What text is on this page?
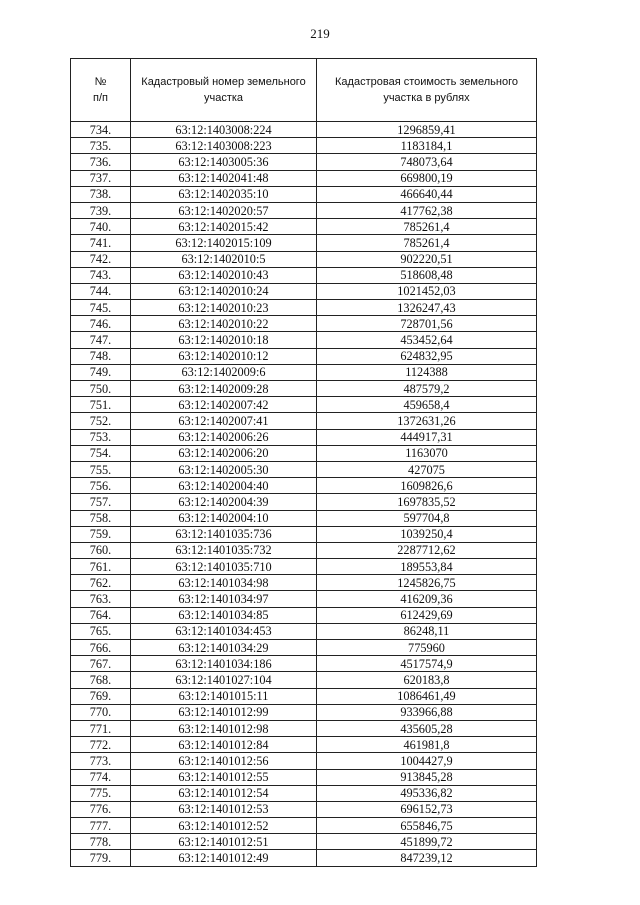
219
№
п/п	Кадастровый номер земельного участка	Кадастровая стоимость земельного участка в рублях
734.	63:12:1403008:224	1296859,41
735.	63:12:1403008:223	1183184,1
736.	63:12:1403005:36	748073,64
737.	63:12:1402041:48	669800,19
738.	63:12:1402035:10	466640,44
739.	63:12:1402020:57	417762,38
740.	63:12:1402015:42	785261,4
741.	63:12:1402015:109	785261,4
742.	63:12:1402010:5	902220,51
743.	63:12:1402010:43	518608,48
744.	63:12:1402010:24	1021452,03
745.	63:12:1402010:23	1326247,43
746.	63:12:1402010:22	728701,56
747.	63:12:1402010:18	453452,64
748.	63:12:1402010:12	624832,95
749.	63:12:1402009:6	1124388
750.	63:12:1402009:28	487579,2
751.	63:12:1402007:42	459658,4
752.	63:12:1402007:41	1372631,26
753.	63:12:1402006:26	444917,31
754.	63:12:1402006:20	1163070
755.	63:12:1402005:30	427075
756.	63:12:1402004:40	1609826,6
757.	63:12:1402004:39	1697835,52
758.	63:12:1402004:10	597704,8
759.	63:12:1401035:736	1039250,4
760.	63:12:1401035:732	2287712,62
761.	63:12:1401035:710	189553,84
762.	63:12:1401034:98	1245826,75
763.	63:12:1401034:97	416209,36
764.	63:12:1401034:85	612429,69
765.	63:12:1401034:453	86248,11
766.	63:12:1401034:29	775960
767.	63:12:1401034:186	4517574,9
768.	63:12:1401027:104	620183,8
769.	63:12:1401015:11	1086461,49
770.	63:12:1401012:99	933966,88
771.	63:12:1401012:98	435605,28
772.	63:12:1401012:84	461981,8
773.	63:12:1401012:56	1004427,9
774.	63:12:1401012:55	913845,28
775.	63:12:1401012:54	495336,82
776.	63:12:1401012:53	696152,73
777.	63:12:1401012:52	655846,75
778.	63:12:1401012:51	451899,72
779.	63:12:1401012:49	847239,12
